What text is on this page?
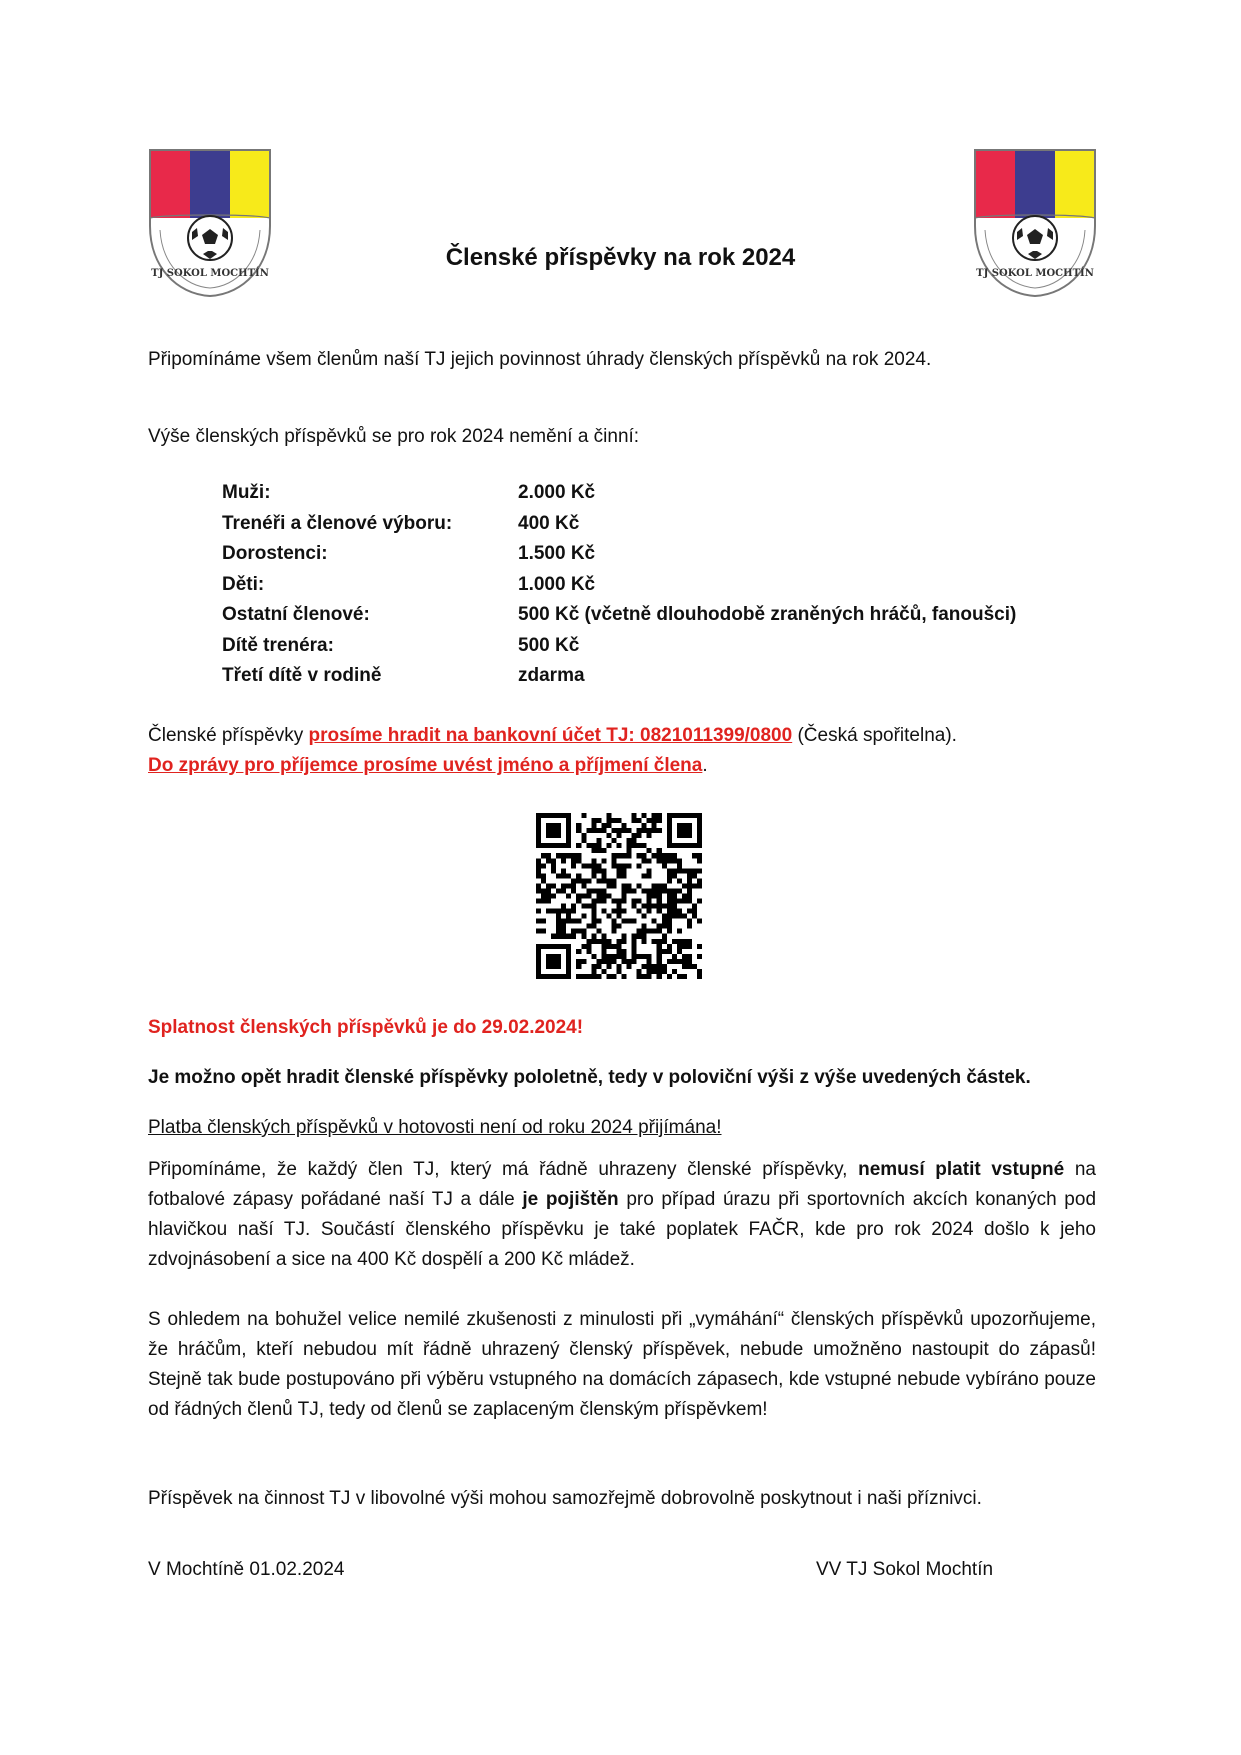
TJ SOKOL MOCHTÍN	TJ SOKOL MOCHTÍN
Členské příspěvky na rok 2024
Připomínáme všem členům naší TJ jejich povinnost úhrady členských příspěvků na rok 2024.
Výše členských příspěvků se pro rok 2024 nemění a činní:
Muži:	2.000 Kč
Trenéři a členové výboru:	400 Kč
Dorostenci:	1.500 Kč
Děti:	1.000 Kč
Ostatní členové:	500 Kč (včetně dlouhodobě zraněných hráčů, fanoušci)
Dítě trenéra:	500 Kč
Třetí dítě v rodině	zdarma
Členské příspěvky prosíme hradit na bankovní účet TJ: 0821011399/0800 (Česká spořitelna).
Do zprávy pro příjemce prosíme uvést jméno a příjmení člena.
Splatnost členských příspěvků je do 29.02.2024!
Je možno opět hradit členské příspěvky pololetně, tedy v poloviční výši z výše uvedených částek.
Platba členských příspěvků v hotovosti není od roku 2024 přijímána!
Připomínáme, že každý člen TJ, který má řádně uhrazeny členské příspěvky, nemusí platit vstupné na fotbalové zápasy pořádané naší TJ a dále je pojištěn pro případ úrazu při sportovních akcích konaných pod hlavičkou naší TJ. Součástí členského příspěvku je také poplatek FAČR, kde pro rok 2024 došlo k jeho zdvojnásobení a sice na 400 Kč dospělí a 200 Kč mládež.
S ohledem na bohužel velice nemilé zkušenosti z minulosti při „vymáhání“ členských příspěvků upozorňujeme, že hráčům, kteří nebudou mít řádně uhrazený členský příspěvek, nebude umožněno nastoupit do zápasů! Stejně tak bude postupováno při výběru vstupného na domácích zápasech, kde vstupné nebude vybíráno pouze od řádných členů TJ, tedy od členů se zaplaceným členským příspěvkem!
Příspěvek na činnost TJ v libovolné výši mohou samozřejmě dobrovolně poskytnout i naši příznivci.
V Mochtíně 01.02.2024	VV TJ Sokol Mochtín
